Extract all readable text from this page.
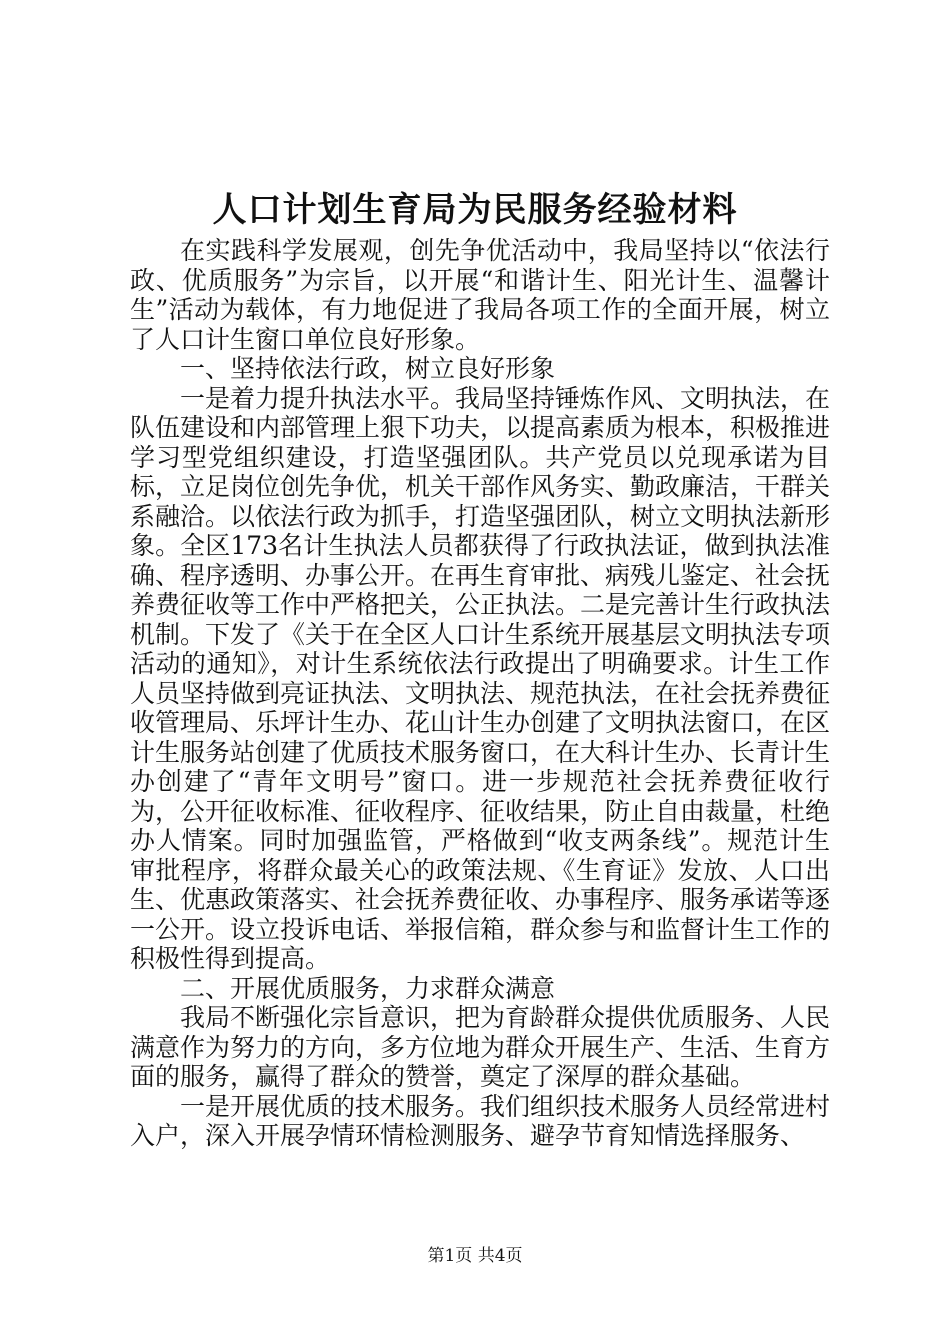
人口计划生育局为民服务经验材料

在实践科学发展观，创先争优活动中，我局坚持以“依法行政、优质服务”为宗旨，以开展“和谐计生、阳光计生、温馨计生”活动为载体，有力地促进了我局各项工作的全面开展，树立了人口计生窗口单位良好形象。

一、坚持依法行政，树立良好形象

一是着力提升执法水平。我局坚持锤炼作风、文明执法，在队伍建设和内部管理上狠下功夫，以提高素质为根本，积极推进学习型党组织建设，打造坚强团队。共产党员以兑现承诺为目标，立足岗位创先争优，机关干部作风务实、勤政廉洁，干群关系融洽。以依法行政为抓手，打造坚强团队，树立文明执法新形象。全区173名计生执法人员都获得了行政执法证，做到执法准确、程序透明、办事公开。在再生育审批、病残儿鉴定、社会抚养费征收等工作中严格把关，公正执法。二是完善计生行政执法机制。下发了《关于在全区人口计生系统开展基层文明执法专项活动的通知》，对计生系统依法行政提出了明确要求。计生工作人员坚持做到亮证执法、文明执法、规范执法，在社会抚养费征收管理局、乐坪计生办、花山计生办创建了文明执法窗口，在区计生服务站创建了优质技术服务窗口，在大科计生办、长青计生办创建了“青年文明号”窗口。进一步规范社会抚养费征收行为，公开征收标准、征收程序、征收结果，防止自由裁量，杜绝办人情案。同时加强监管，严格做到“收支两条线”。规范计生审批程序，将群众最关心的政策法规、《生育证》发放、人口出生、优惠政策落实、社会抚养费征收、办事程序、服务承诺等逐一公开。设立投诉电话、举报信箱，群众参与和监督计生工作的积极性得到提高。

二、开展优质服务，力求群众满意

我局不断强化宗旨意识，把为育龄群众提供优质服务、人民满意作为努力的方向，多方位地为群众开展生产、生活、生育方面的服务，赢得了群众的赞誉，奠定了深厚的群众基础。

一是开展优质的技术服务。我们组织技术服务人员经常进村入户，深入开展孕情环情检测服务、避孕节育知情选择服务、

第1页 共4页
